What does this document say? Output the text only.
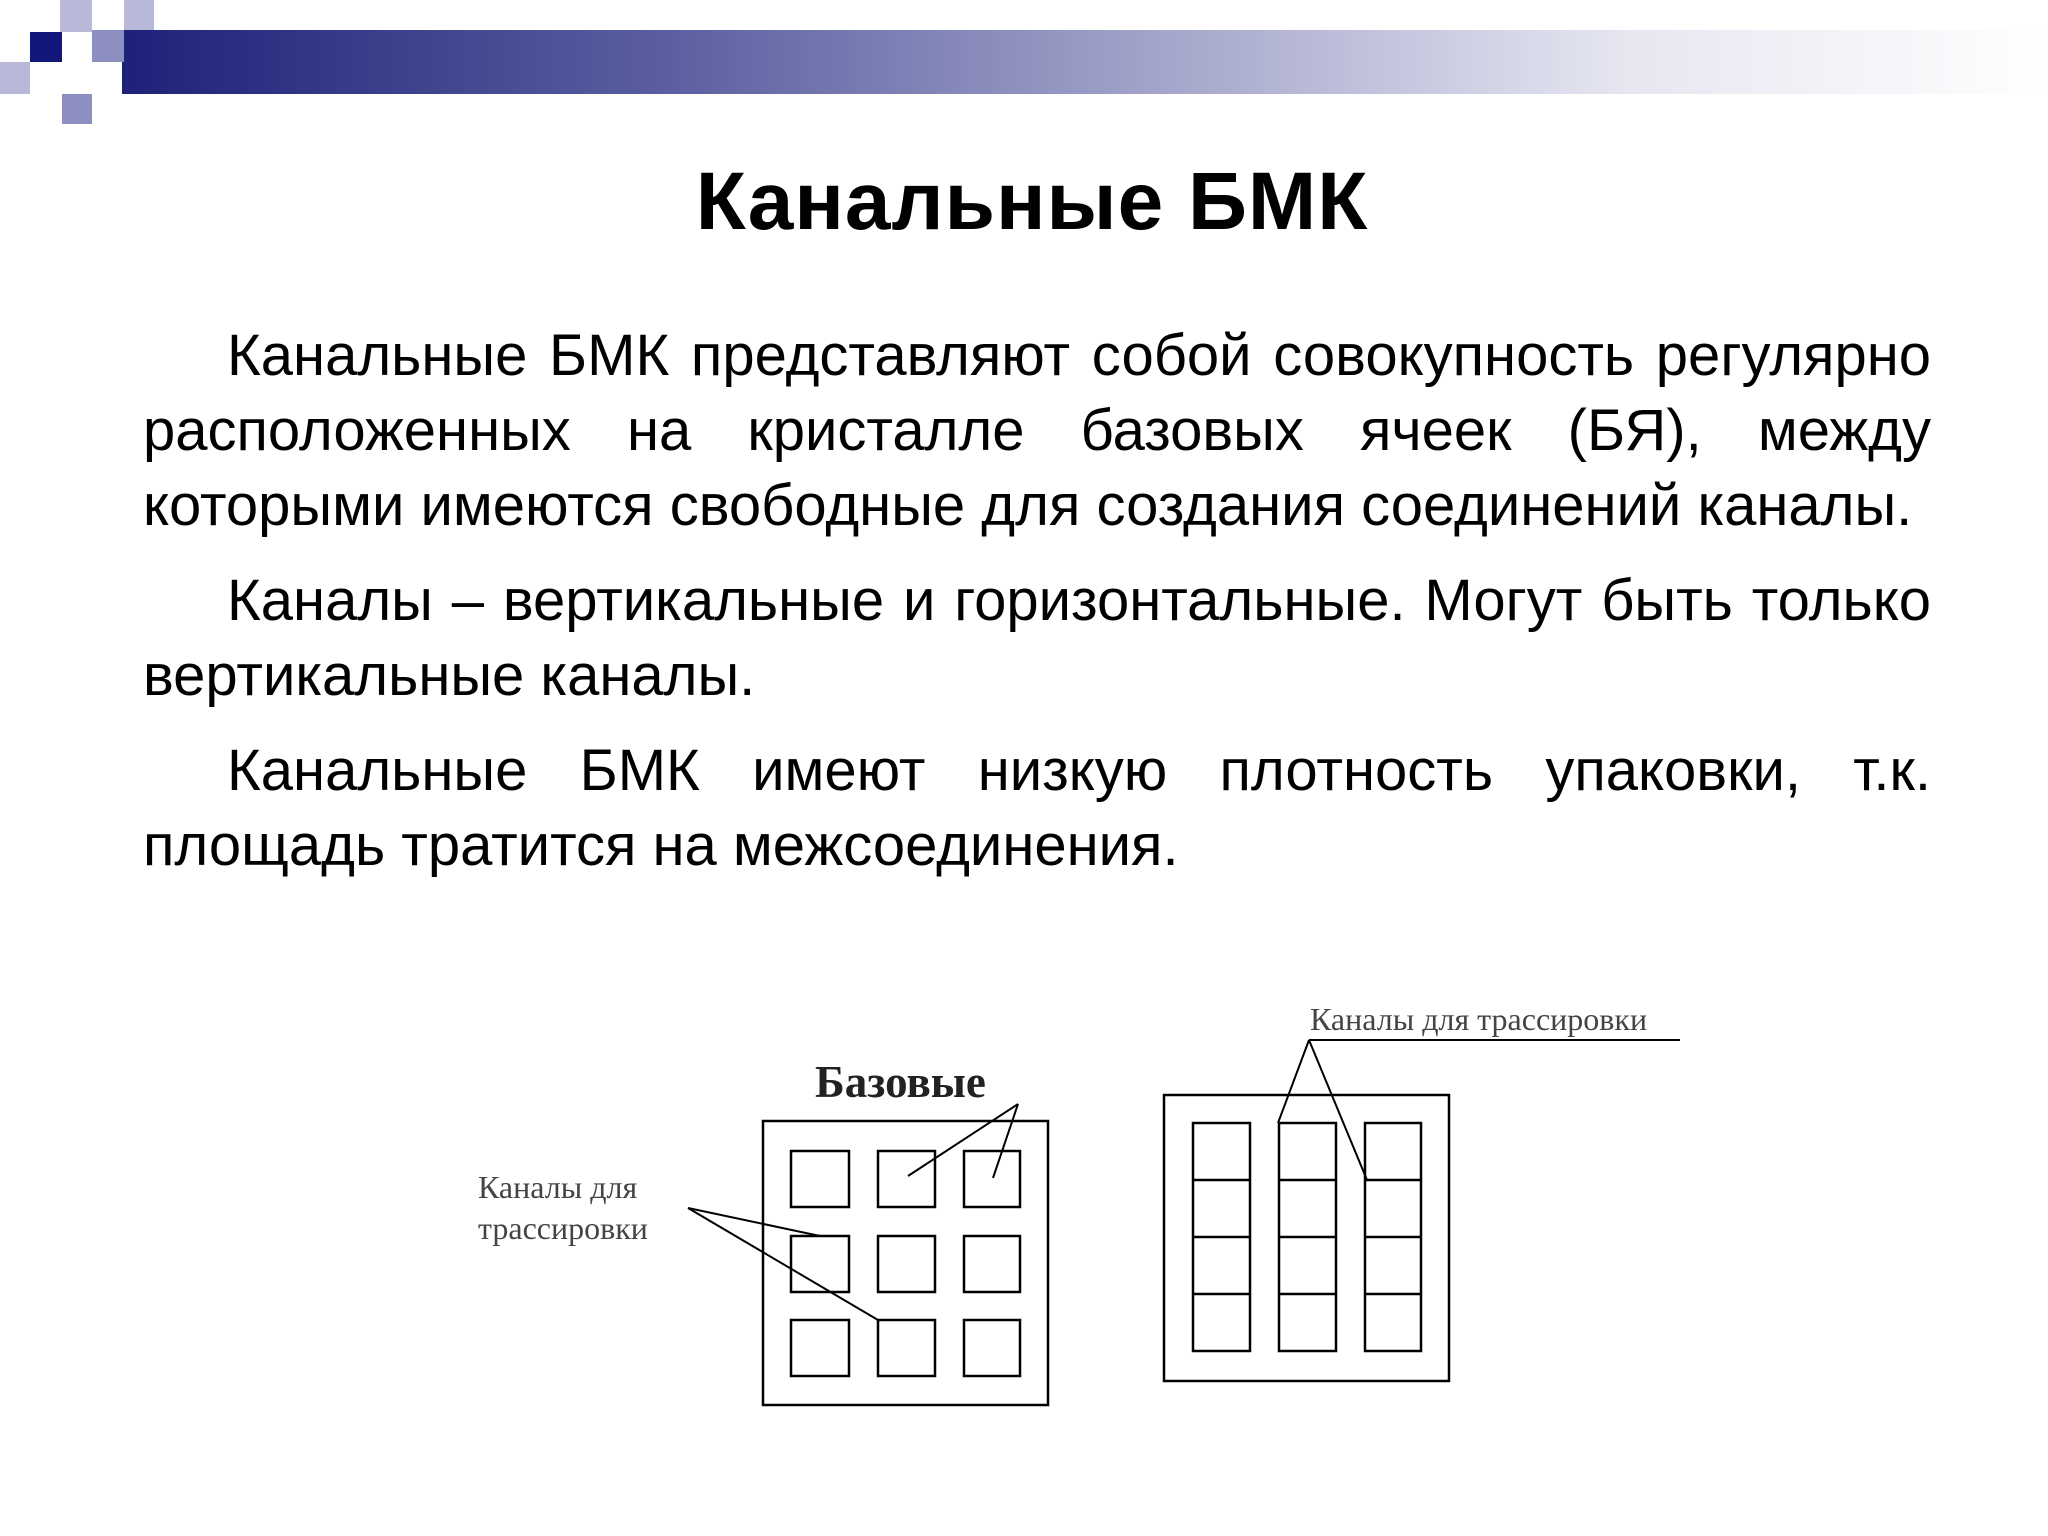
Канальные БМК

Канальные БМК представляют собой совокупность регулярно расположенных на кристалле базовых ячеек (БЯ), между которыми имеются свободные для создания соединений каналы.

Каналы – вертикальные и горизонтальные. Могут быть только вертикальные каналы.

Канальные БМК имеют низкую плотность упаковки, т.к. площадь тратится на межсоединения.

Базовые
Каналы для
трассировки
Каналы для трассировки
